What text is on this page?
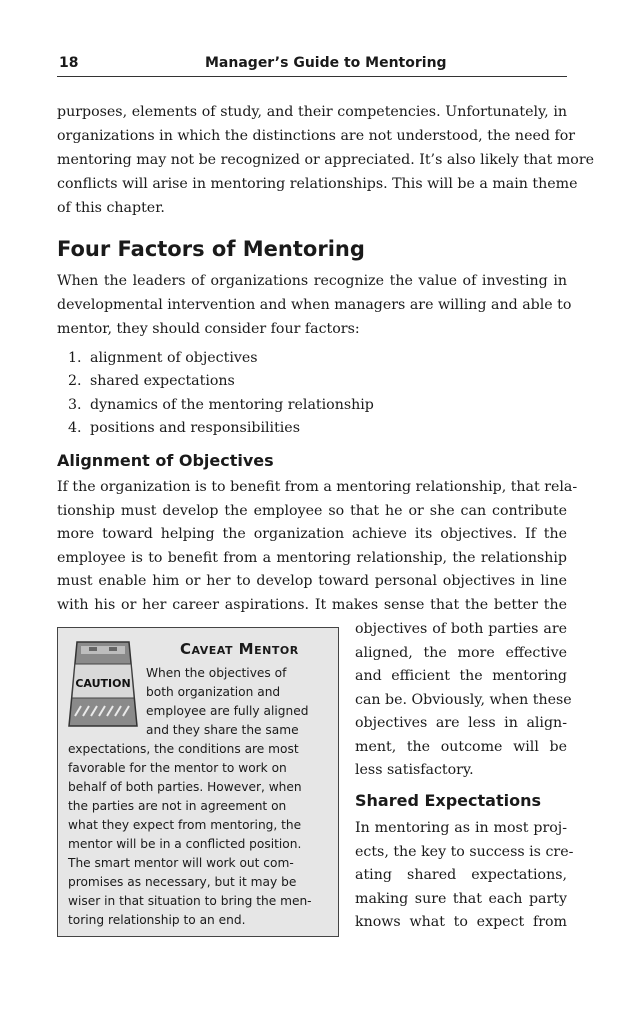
18	Manager’s Guide to Mentoring
purposes, elements of study, and their competencies. Unfortunately, in
organizations in which the distinctions are not understood, the need for
mentoring may not be recognized or appreciated. It’s also likely that more
conflicts will arise in mentoring relationships. This will be a main theme
of this chapter.
Four Factors of Mentoring
When the leaders of organizations recognize the value of investing in
developmental intervention and when managers are willing and able to
mentor, they should consider four factors:
1. alignment of objectives
2. shared expectations
3. dynamics of the mentoring relationship
4. positions and responsibilities
Alignment of Objectives
If the organization is to benefit from a mentoring relationship, that rela-
tionship must develop the employee so that he or she can contribute
more toward helping the organization achieve its objectives. If the
employee is to benefit from a mentoring relationship, the relationship
must enable him or her to develop toward personal objectives in line
with his or her career aspirations. It makes sense that the better the
objectives of both parties are
aligned, the more effective
and efficient the mentoring
can be. Obviously, when these
objectives are less in align-
ment, the outcome will be
less satisfactory.
Shared Expectations
In mentoring as in most proj-
ects, the key to success is cre-
ating shared expectations,
making sure that each party
knows what to expect from
CAUTION
Caveat Mentor
When the objectives of
both organization and
employee are fully aligned
and they share the same
expectations, the conditions are most
favorable for the mentor to work on
behalf of both parties. However, when
the parties are not in agreement on
what they expect from mentoring, the
mentor will be in a conflicted position.
The smart mentor will work out com-
promises as necessary, but it may be
wiser in that situation to bring the men-
toring relationship to an end.
